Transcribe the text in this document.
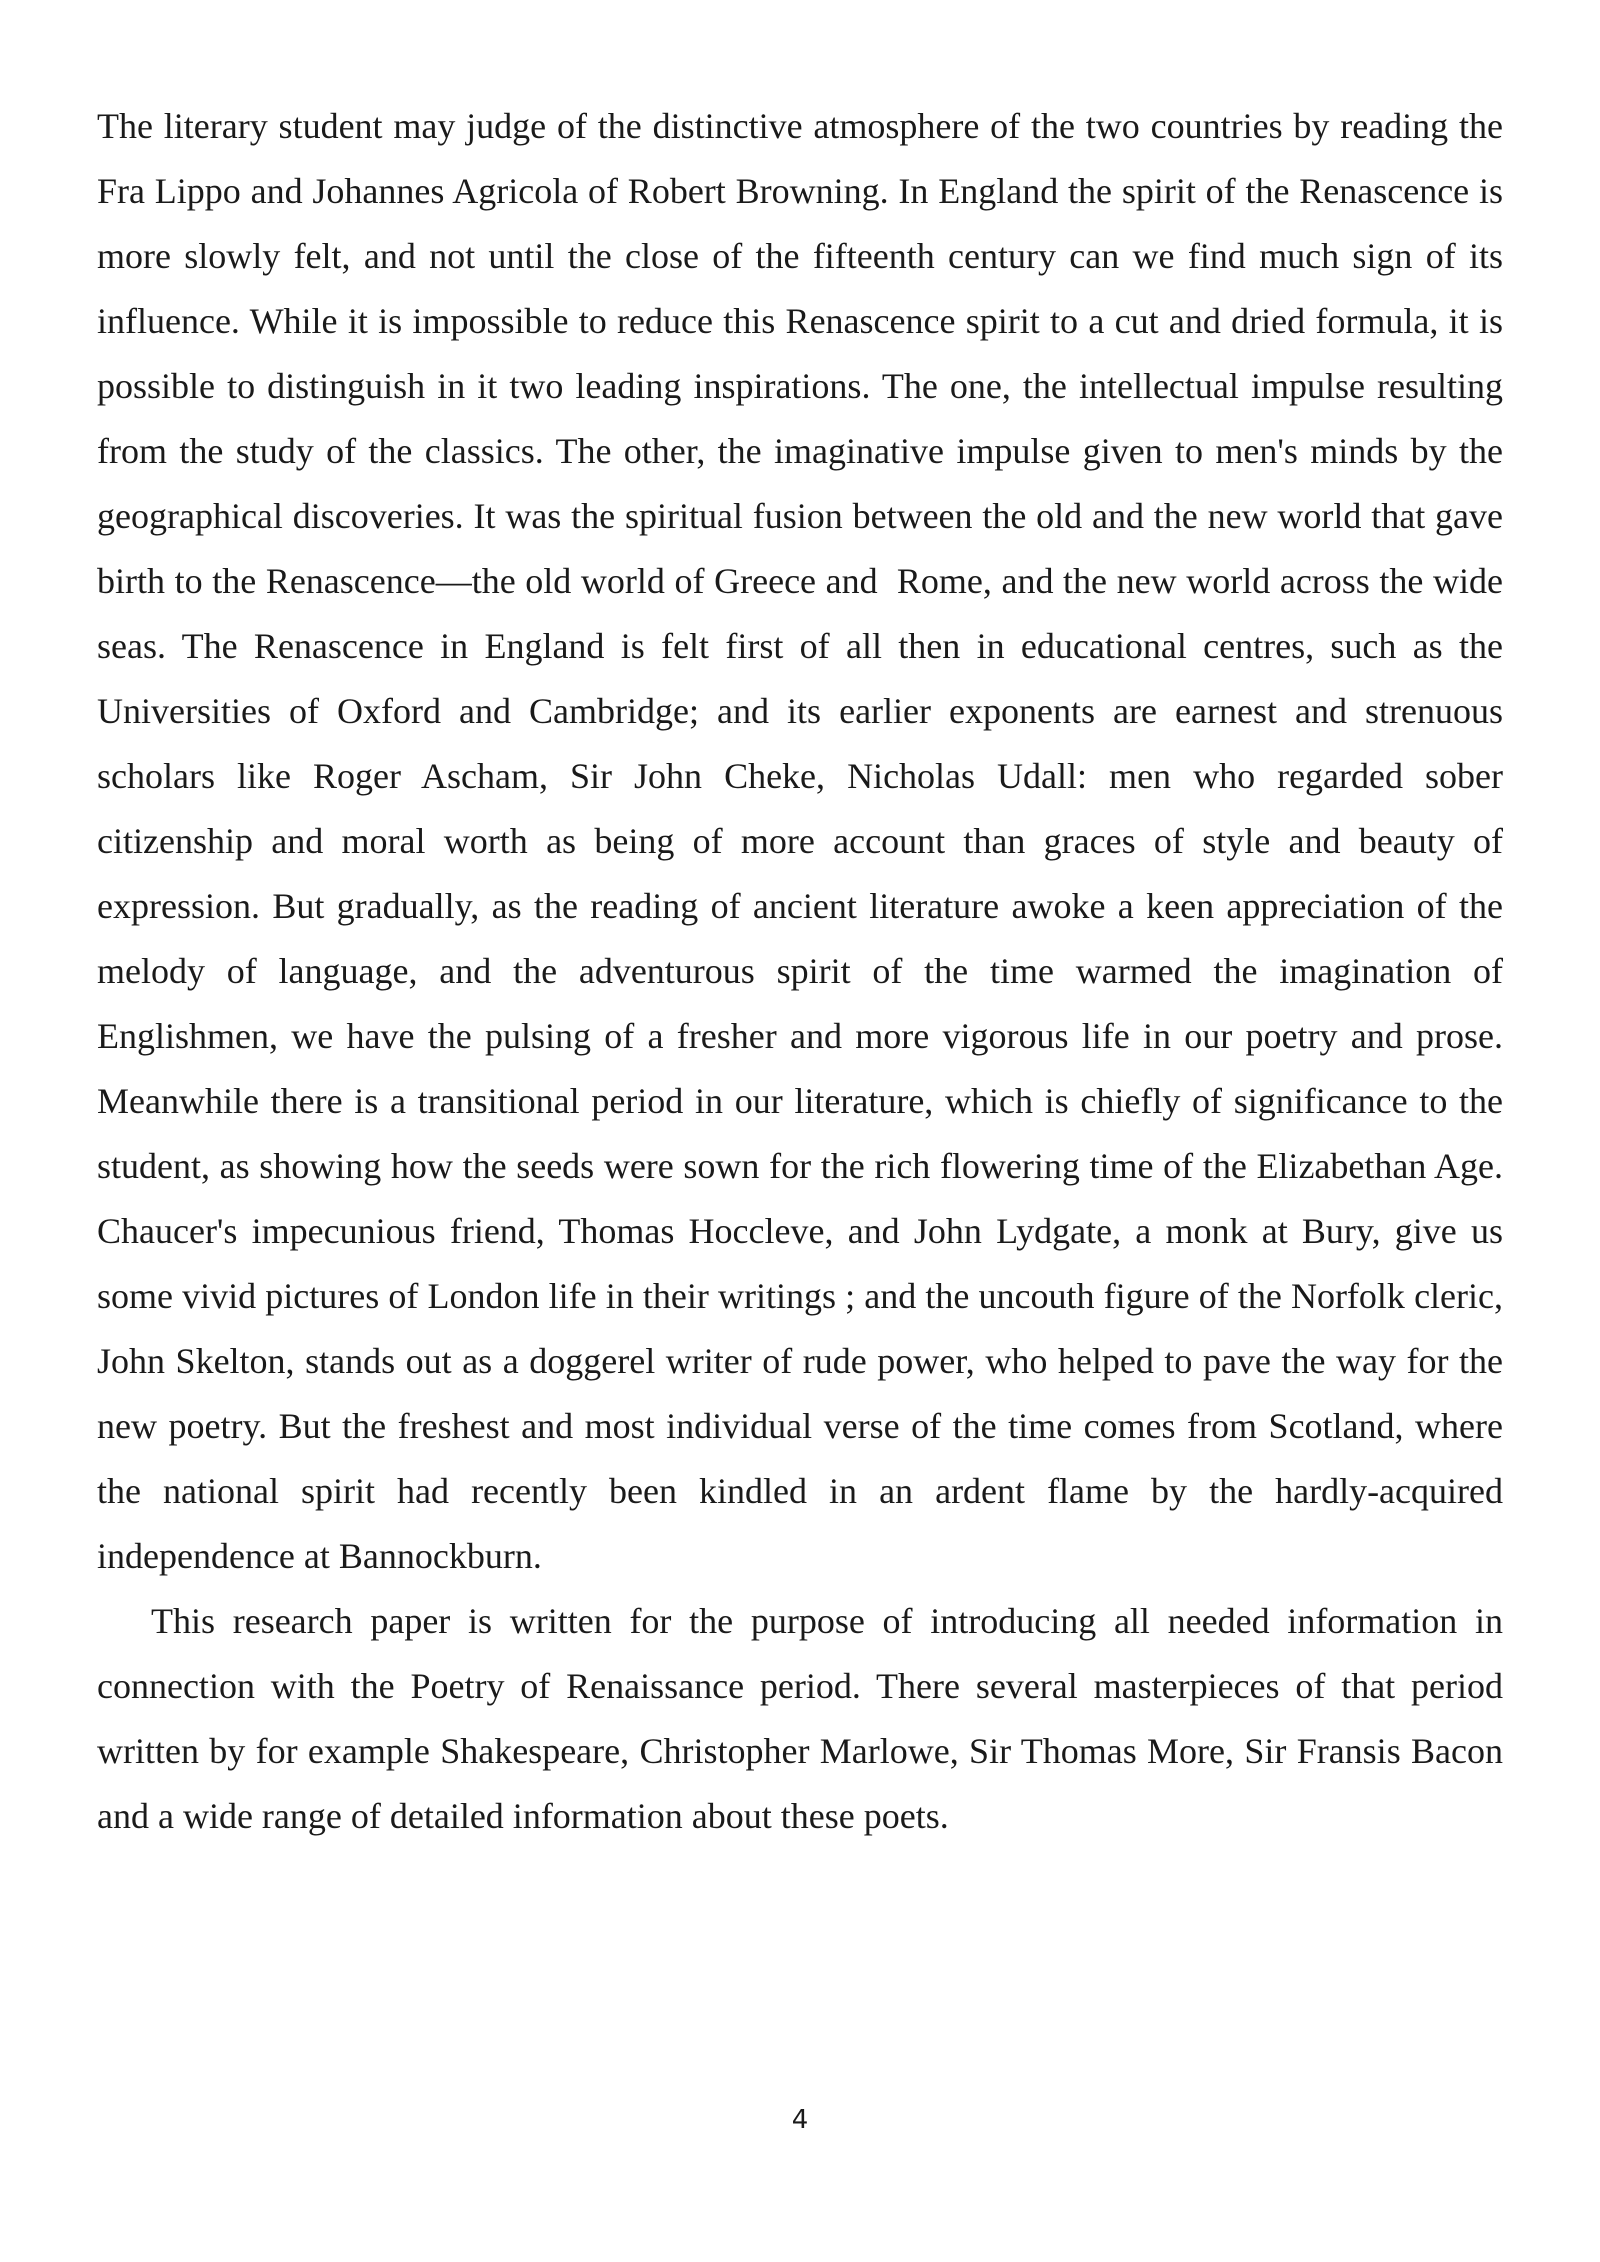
The literary student may judge of the distinctive atmosphere of the two countries by reading the Fra Lippo and Johannes Agricola of Robert Browning. In England the spirit of the Renascence is more slowly felt, and not until the close of the fifteenth century can we find much sign of its influence. While it is impossible to reduce this Renascence spirit to a cut and dried formula, it is possible to distinguish in it two leading inspirations. The one, the intellectual impulse resulting from the study of the classics. The other, the imaginative impulse given to men's minds by the geographical discoveries. It was the spiritual fusion between the old and the new world that gave birth to the Renascence—the old world of Greece and  Rome, and the new world across the wide seas. The Renascence in England is felt first of all then in educational centres, such as the Universities of Oxford and Cambridge; and its earlier exponents are earnest and strenuous scholars like Roger Ascham, Sir John Cheke, Nicholas Udall: men who regarded sober citizenship and moral worth as being of more account than graces of style and beauty of expression. But gradually, as the reading of ancient literature awoke a keen appreciation of the melody of language, and the adventurous spirit of the time warmed the imagination of Englishmen, we have the pulsing of a fresher and more vigorous life in our poetry and prose. Meanwhile there is a transitional period in our literature, which is chiefly of significance to the student, as showing how the seeds were sown for the rich flowering time of the Elizabethan Age. Chaucer's impecunious friend, Thomas Hoccleve, and John Lydgate, a monk at Bury, give us some vivid pictures of London life in their writings ; and the uncouth figure of the Norfolk cleric, John Skelton, stands out as a doggerel writer of rude power, who helped to pave the way for the new poetry. But the freshest and most individual verse of the time comes from Scotland, where the national spirit had recently been kindled in an ardent flame by the hardly-acquired independence at Bannockburn.

This research paper is written for the purpose of introducing all needed information in connection with the Poetry of Renaissance period. There several masterpieces of that period written by for example Shakespeare, Christopher Marlowe, Sir Thomas More, Sir Fransis Bacon and a wide range of detailed information about these poets.

4
